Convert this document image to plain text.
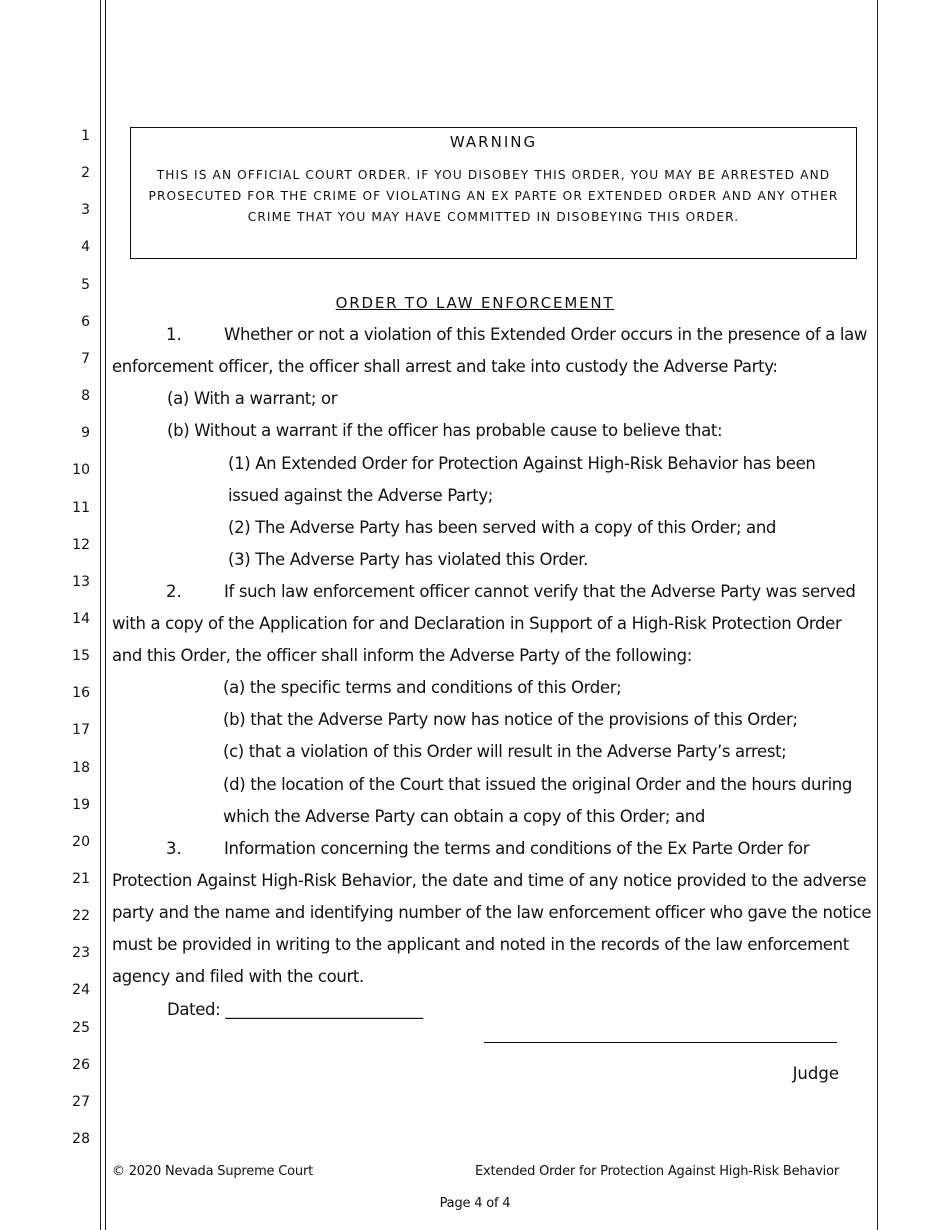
1
2
3
4
5
6
7
8
9
10
11
12
13
14
15
16
17
18
19
20
21
22
23
24
25
26
27
28
WARNING
THIS IS AN OFFICIAL COURT ORDER. IF YOU DISOBEY THIS ORDER, YOU MAY BE ARRESTED AND PROSECUTED FOR THE CRIME OF VIOLATING AN EX PARTE OR EXTENDED ORDER AND ANY OTHER CRIME THAT YOU MAY HAVE COMMITTED IN DISOBEYING THIS ORDER.
ORDER TO LAW ENFORCEMENT
1.	Whether or not a violation of this Extended Order occurs in the presence of a law
enforcement officer, the officer shall arrest and take into custody the Adverse Party:
(a) With a warrant; or
(b) Without a warrant if the officer has probable cause to believe that:
(1) An Extended Order for Protection Against High-Risk Behavior has been
issued against the Adverse Party;
(2) The Adverse Party has been served with a copy of this Order; and
(3) The Adverse Party has violated this Order.
2.	If such law enforcement officer cannot verify that the Adverse Party was served
with a copy of the Application for and Declaration in Support of a High-Risk Protection Order
and this Order, the officer shall inform the Adverse Party of the following:
(a) the specific terms and conditions of this Order;
(b) that the Adverse Party now has notice of the provisions of this Order;
(c) that a violation of this Order will result in the Adverse Party’s arrest;
(d) the location of the Court that issued the original Order and the hours during
which the Adverse Party can obtain a copy of this Order; and
3.	Information concerning the terms and conditions of the Ex Parte Order for
Protection Against High-Risk Behavior, the date and time of any notice provided to the adverse
party and the name and identifying number of the law enforcement officer who gave the notice
must be provided in writing to the applicant and noted in the records of the law enforcement
agency and filed with the court.
Dated: _________________________
Judge
© 2020 Nevada Supreme Court	Extended Order for Protection Against High-Risk Behavior
Page 4 of 4
